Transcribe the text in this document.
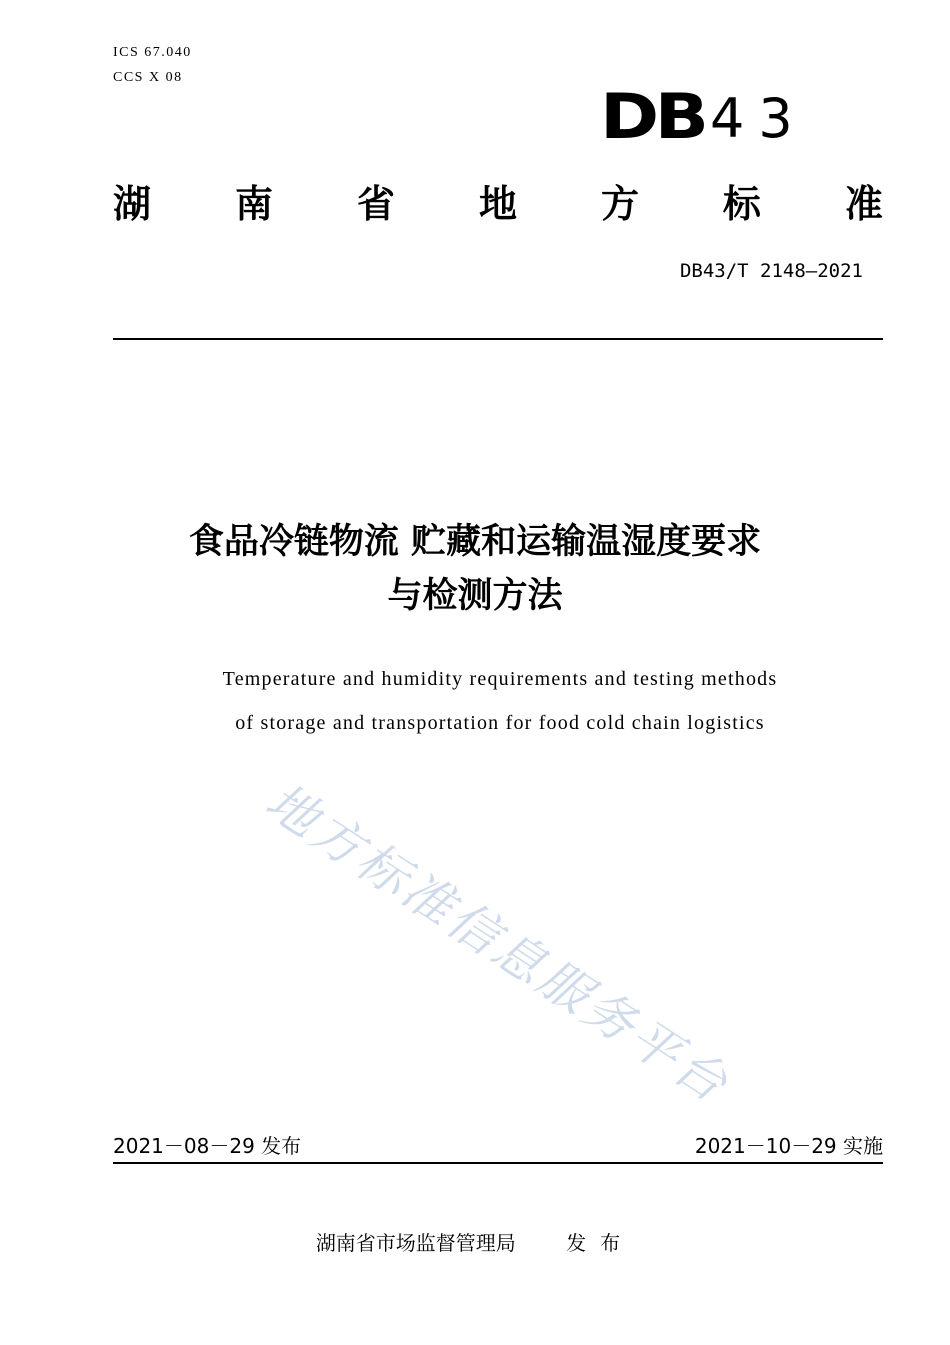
ICS 67.040
CCS X 08
DB 43
湖 南 省 地 方 标 准
DB43/T 2148—2021
食品冷链物流 贮藏和运输温湿度要求
与检测方法
Temperature and humidity requirements and testing methods
of storage and transportation for food cold chain logistics
地方标准信息服务平台
2021－08－29 发布	2021－10－29 实施
湖南省市场监督管理局	发布
